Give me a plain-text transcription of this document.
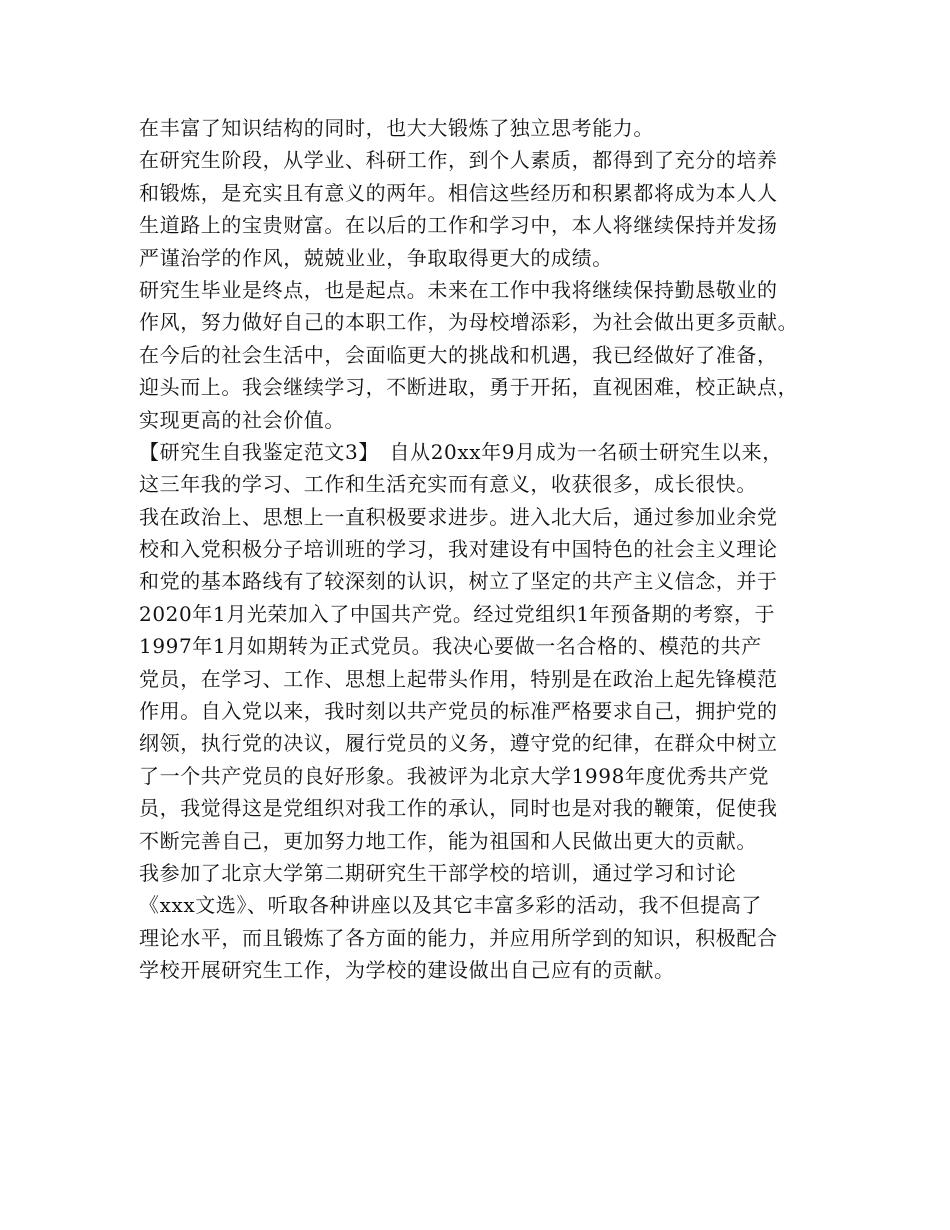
在丰富了知识结构的同时，也大大锻炼了独立思考能力。
在研究生阶段，从学业、科研工作，到个人素质，都得到了充分的培养
和锻炼，是充实且有意义的两年。相信这些经历和积累都将成为本人人
生道路上的宝贵财富。在以后的工作和学习中，本人将继续保持并发扬
严谨治学的作风，兢兢业业，争取取得更大的成绩。
研究生毕业是终点，也是起点。未来在工作中我将继续保持勤恳敬业的
作风，努力做好自己的本职工作，为母校增添彩，为社会做出更多贡献。
在今后的社会生活中，会面临更大的挑战和机遇，我已经做好了准备，
迎头而上。我会继续学习，不断进取，勇于开拓，直视困难，校正缺点，
实现更高的社会价值。
【研究生自我鉴定范文3】　自从20xx年9月成为一名硕士研究生以来，
这三年我的学习、工作和生活充实而有意义，收获很多，成长很快。
我在政治上、思想上一直积极要求进步。进入北大后，通过参加业余党
校和入党积极分子培训班的学习，我对建设有中国特色的社会主义理论
和党的基本路线有了较深刻的认识，树立了坚定的共产主义信念，并于
2020年1月光荣加入了中国共产党。经过党组织1年预备期的考察，于
1997年1月如期转为正式党员。我决心要做一名合格的、模范的共产
党员，在学习、工作、思想上起带头作用，特别是在政治上起先锋模范
作用。自入党以来，我时刻以共产党员的标准严格要求自己，拥护党的
纲领，执行党的决议，履行党员的义务，遵守党的纪律，在群众中树立
了一个共产党员的良好形象。我被评为北京大学1998年度优秀共产党
员，我觉得这是党组织对我工作的承认，同时也是对我的鞭策，促使我
不断完善自己，更加努力地工作，能为祖国和人民做出更大的贡献。
我参加了北京大学第二期研究生干部学校的培训，通过学习和讨论
《xxx文选》、听取各种讲座以及其它丰富多彩的活动，我不但提高了
理论水平，而且锻炼了各方面的能力，并应用所学到的知识，积极配合
学校开展研究生工作，为学校的建设做出自己应有的贡献。
